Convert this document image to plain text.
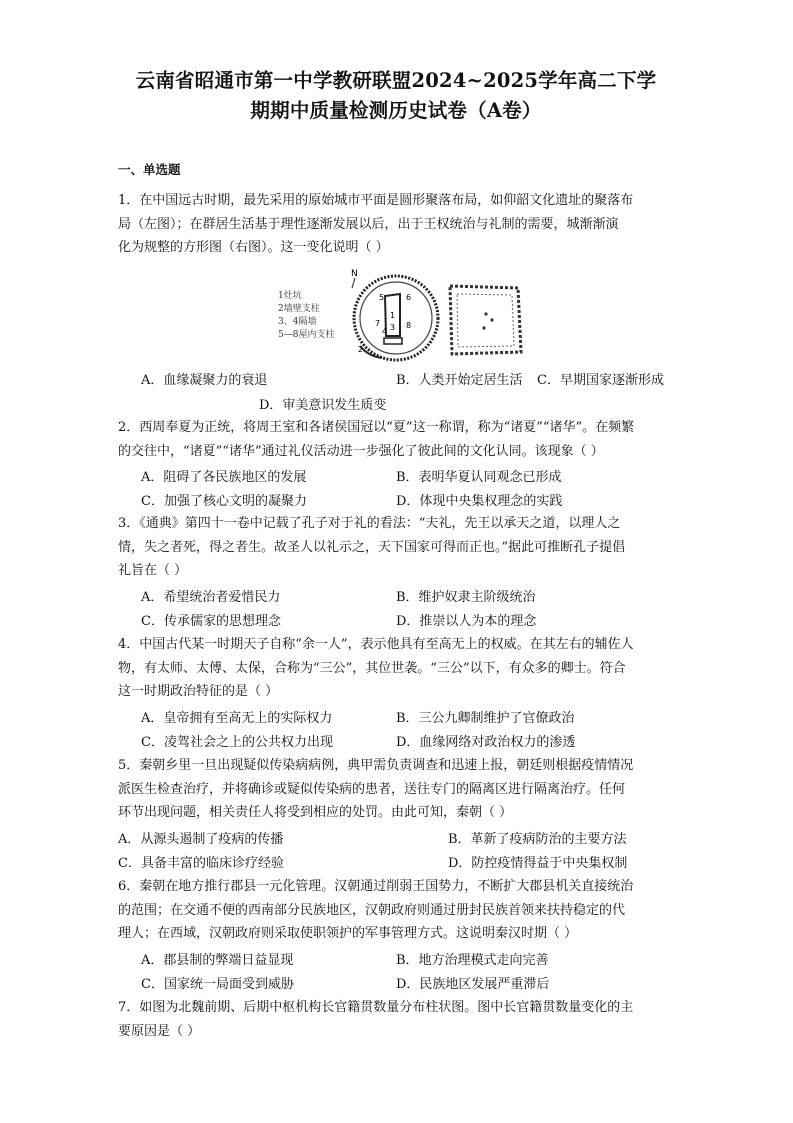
云南省昭通市第一中学教研联盟2024~2025学年高二下学
期期中质量检测历史试卷（A卷）
一、单选题
1．在中国远古时期，最先采用的原始城市平面是圆形聚落布局，如仰韶文化遗址的聚落布
局（左图）；在群居生活基于理性逐渐发展以后，出于王权统治与礼制的需要，城渐渐演
化为规整的方形图（右图）。这一变化说明（ ）
1灶坑
2墙壁支柱
3、4隔墙
5—8屋内支柱
N
1
2
3
4
5	6
7	8
A．血缘凝聚力的衰退	B．人类开始定居生活 C．早期国家逐渐形成
D．审美意识发生质变
2．西周奉夏为正统，将周王室和各诸侯国冠以“夏”这一称谓，称为“诸夏”“诸华”。在频繁
的交往中，“诸夏”“诸华”通过礼仪活动进一步强化了彼此间的文化认同。该现象（ ）
A．阻碍了各民族地区的发展	B．表明华夏认同观念已形成
C．加强了核心文明的凝聚力	D．体现中央集权理念的实践
3．《通典》第四十一卷中记载了孔子对于礼的看法：“夫礼，先王以承天之道，以理人之
情，失之者死，得之者生。故圣人以礼示之，天下国家可得而正也。”据此可推断孔子提倡
礼旨在（ ）
A．希望统治者爱惜民力	B．维护奴隶主阶级统治
C．传承儒家的思想理念	D．推崇以人为本的理念
4．中国古代某一时期天子自称“余一人”，表示他具有至高无上的权威。在其左右的辅佐人
物，有太师、太傅、太保，合称为“三公”，其位世袭。“三公”以下，有众多的卿士。符合
这一时期政治特征的是（ ）
A．皇帝拥有至高无上的实际权力	B．三公九卿制维护了官僚政治
C．凌驾社会之上的公共权力出现	D．血缘网络对政治权力的渗透
5．秦朝乡里一旦出现疑似传染病病例，典甲需负责调查和迅速上报，朝廷则根据疫情情况
派医生检查治疗，并将确诊或疑似传染病的患者，送往专门的隔离区进行隔离治疗。任何
环节出现问题，相关责任人将受到相应的处罚。由此可知，秦朝（ ）
A．从源头遏制了疫病的传播	B．革新了疫病防治的主要方法
C．具备丰富的临床诊疗经验	D．防控疫情得益于中央集权制
6．秦朝在地方推行郡县一元化管理。汉朝通过削弱王国势力，不断扩大郡县机关直接统治
的范围；在交通不便的西南部分民族地区，汉朝政府则通过册封民族首领来扶持稳定的代
理人；在西域，汉朝政府则采取使职领护的军事管理方式。这说明秦汉时期（ ）
A．郡县制的弊端日益显现	B．地方治理模式走向完善
C．国家统一局面受到威胁	D．民族地区发展严重滞后
7．如图为北魏前期、后期中枢机构长官籍贯数量分布柱状图。图中长官籍贯数量变化的主
要原因是（ ）
